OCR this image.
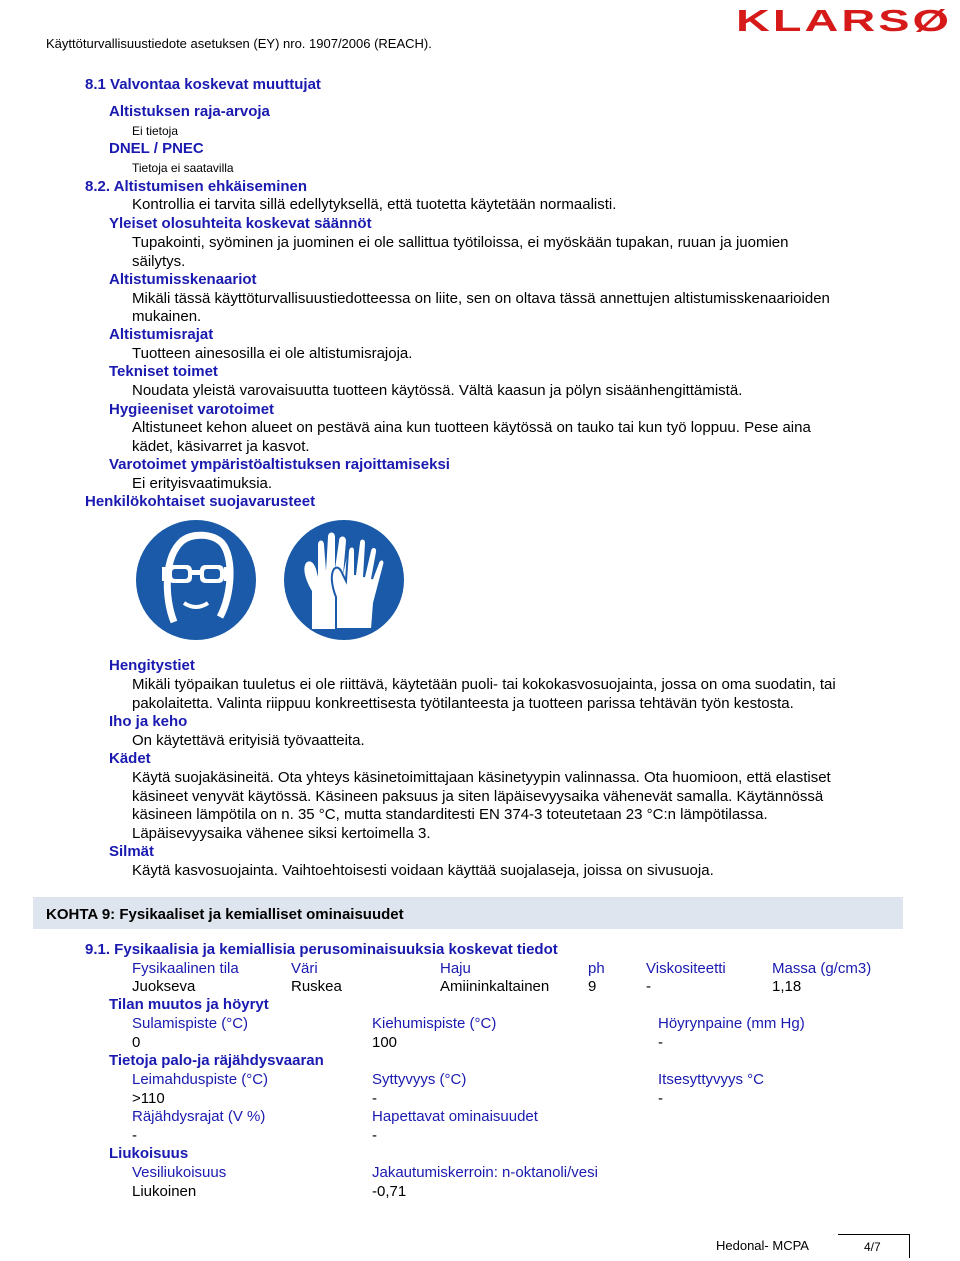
Käyttöturvallisuustiedote asetuksen (EY) nro. 1907/2006 (REACH).
KLARSØ
8.1 Valvontaa koskevat muuttujat
Altistuksen raja-arvoja
Ei tietoja
DNEL / PNEC
Tietoja ei saatavilla
8.2. Altistumisen ehkäiseminen
Kontrollia ei tarvita sillä edellytyksellä, että tuotetta käytetään normaalisti.
Yleiset olosuhteita koskevat säännöt
Tupakointi, syöminen ja juominen ei ole sallittua työtiloissa, ei myöskään tupakan, ruuan ja juomien
säilytys.
Altistumisskenaariot
Mikäli tässä käyttöturvallisuustiedotteessa on liite, sen on oltava tässä annettujen altistumisskenaarioiden
mukainen.
Altistumisrajat
Tuotteen ainesosilla ei ole altistumisrajoja.
Tekniset toimet
Noudata yleistä varovaisuutta tuotteen käytössä. Vältä kaasun ja pölyn sisäänhengittämistä.
Hygieeniset varotoimet
Altistuneet kehon alueet on pestävä aina kun tuotteen käytössä on tauko tai kun työ loppuu. Pese aina
kädet, käsivarret ja kasvot.
Varotoimet ympäristöaltistuksen rajoittamiseksi
Ei erityisvaatimuksia.
Henkilökohtaiset suojavarusteet
Hengitystiet
Mikäli työpaikan tuuletus ei ole riittävä, käytetään puoli- tai kokokasvosuojainta, jossa on oma suodatin, tai
pakolaitetta. Valinta riippuu konkreettisesta työtilanteesta ja tuotteen parissa tehtävän työn kestosta.
Iho ja keho
On käytettävä erityisiä työvaatteita.
Kädet
Käytä suojakäsineitä. Ota yhteys käsinetoimittajaan käsinetyypin valinnassa. Ota huomioon, että elastiset
käsineet venyvät käytössä. Käsineen paksuus ja siten läpäisevyysaika vähenevät samalla. Käytännössä
käsineen lämpötila on n. 35 °C, mutta standarditesti EN 374-3 toteutetaan 23 °C:n lämpötilassa.
Läpäisevyysaika vähenee siksi kertoimella 3.
Silmät
Käytä kasvosuojainta. Vaihtoehtoisesti voidaan käyttää suojalaseja, joissa on sivusuoja.
KOHTA 9: Fysikaaliset ja kemialliset ominaisuudet
9.1. Fysikaalisia ja kemiallisia perusominaisuuksia koskevat tiedot
Fysikaalinen tila	Väri	Haju	ph	Viskositeetti	Massa (g/cm3)
Juokseva	Ruskea	Amiininkaltainen	9	-	1,18
Tilan muutos ja höyryt
Sulamispiste (°C)	Kiehumispiste (°C)	Höyrynpaine (mm Hg)
0	100	-
Tietoja palo-ja räjähdysvaaran
Leimahduspiste (°C)	Syttyvyys (°C)	Itsesyttyvyys °C
>110	-	-
Räjähdysrajat (V %)	Hapettavat ominaisuudet
-	-
Liukoisuus
Vesiliukoisuus	Jakautumiskerroin: n-oktanoli/vesi
Liukoinen	-0,71
Hedonal- MCPA	4/7
